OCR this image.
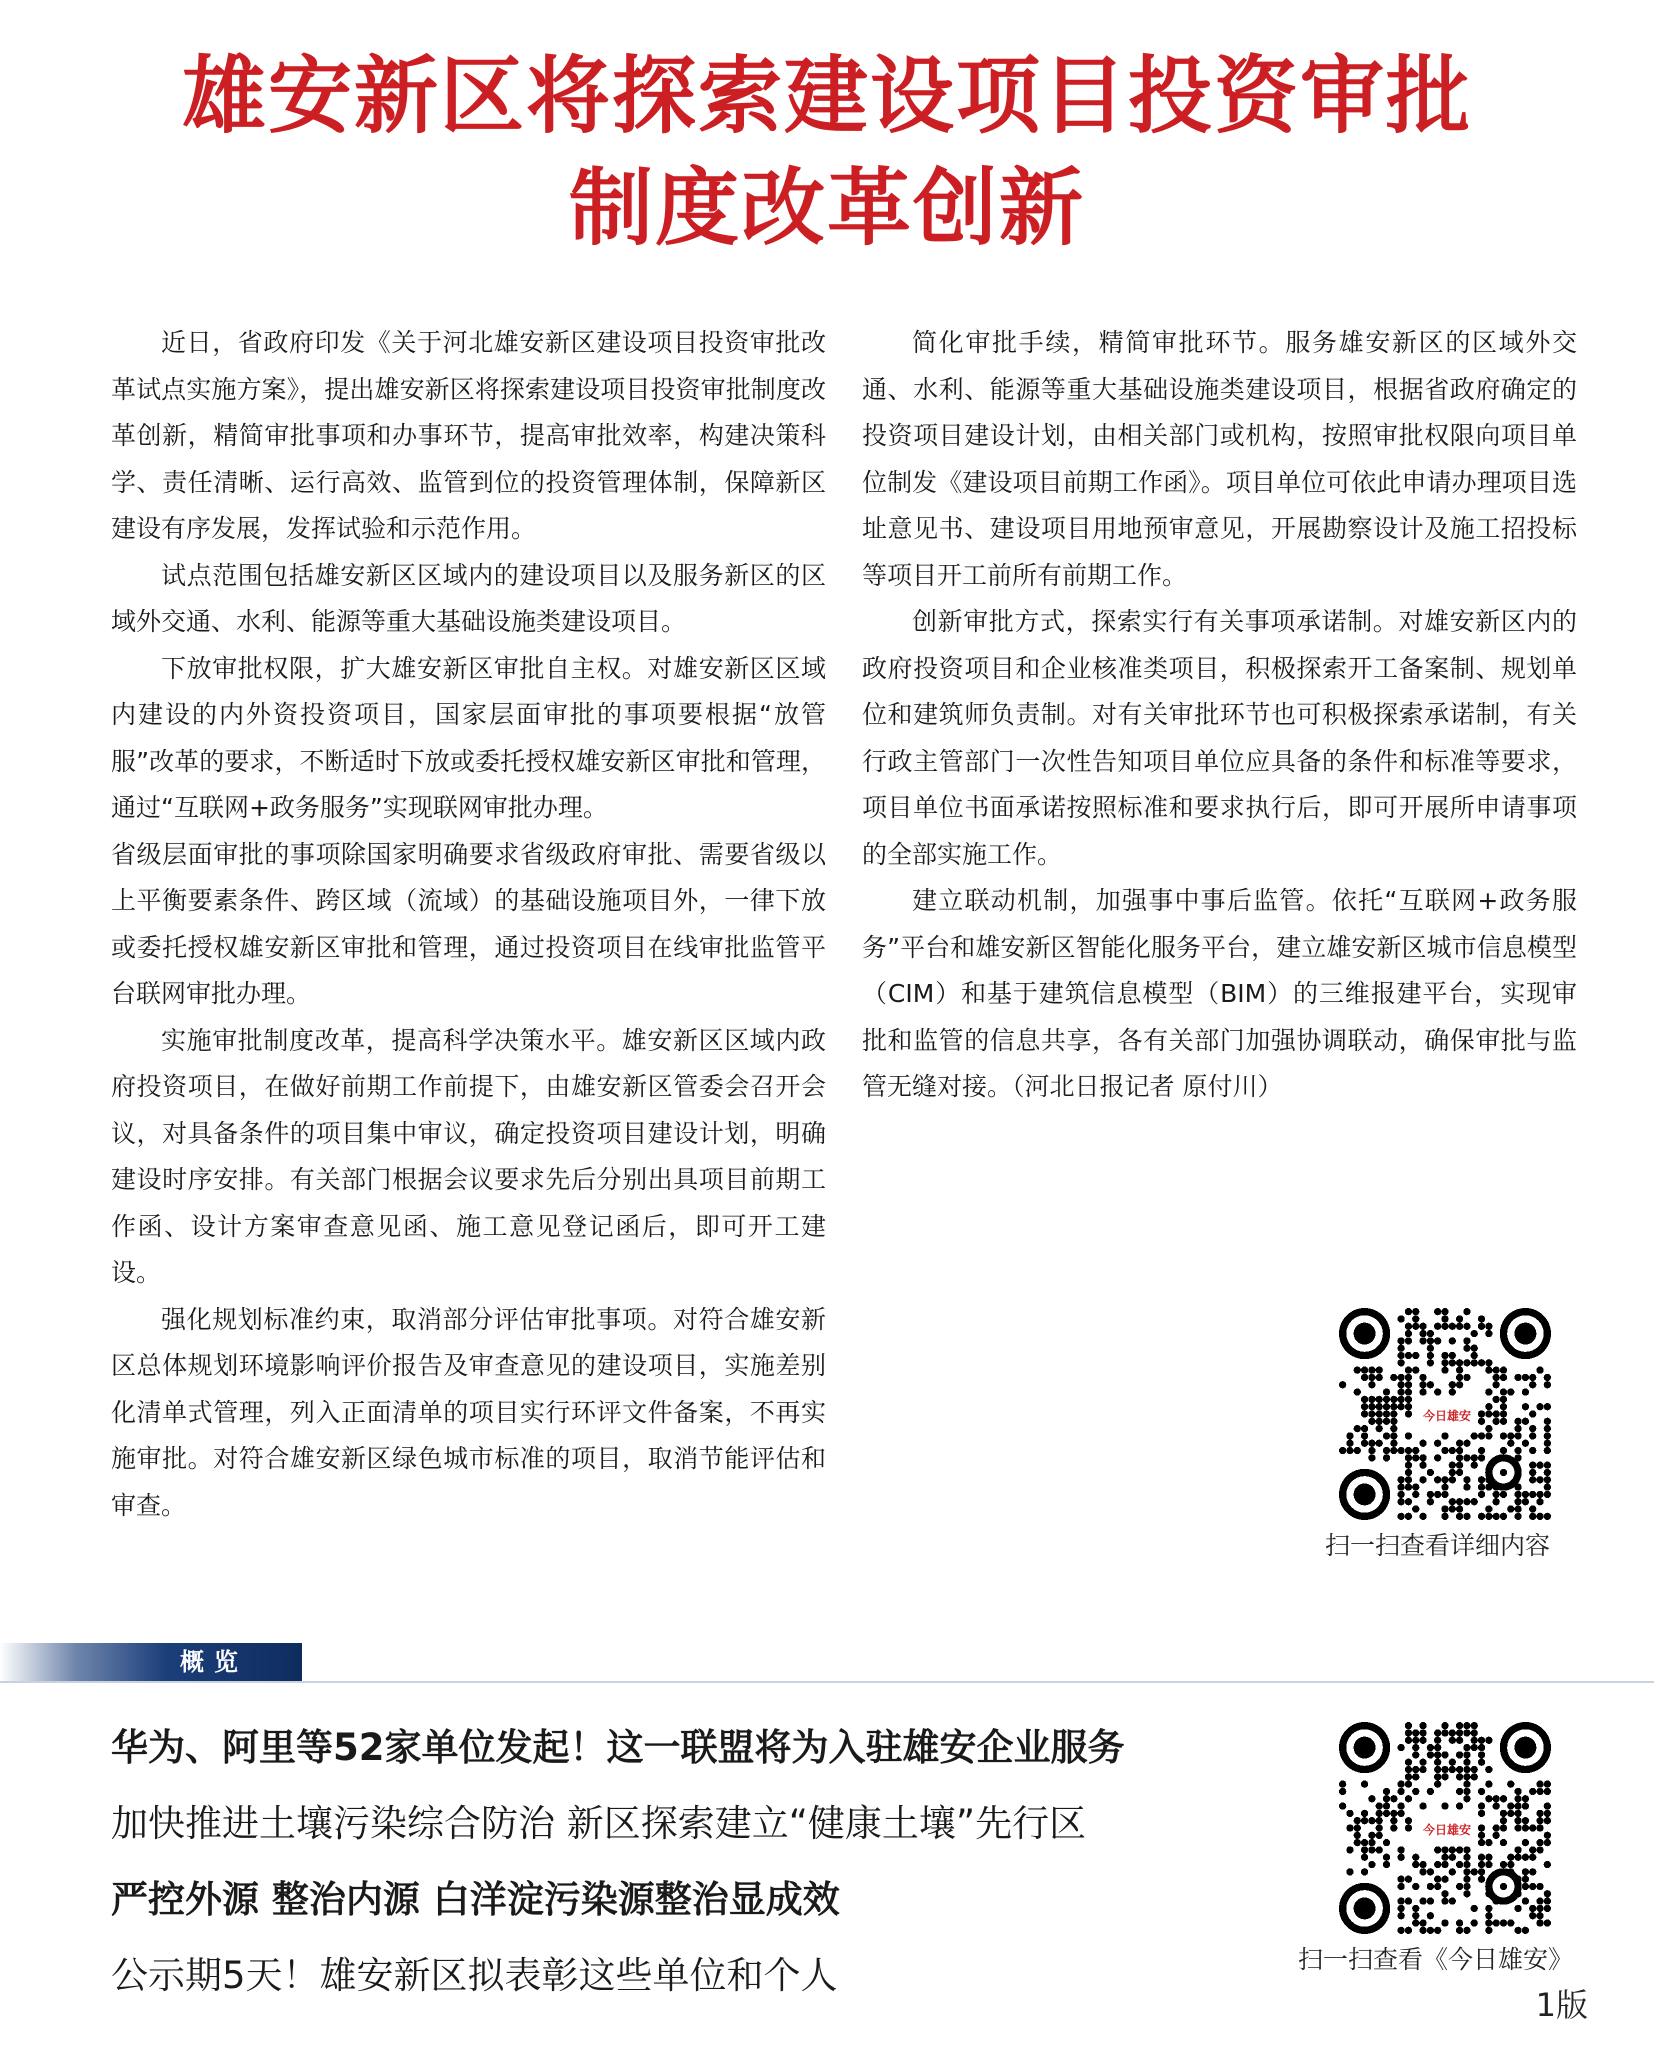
雄安新区将探索建设项目投资审批
制度改革创新

近日，省政府印发《关于河北雄安新区建设项目投资审批改革试点实施方案》，提出雄安新区将探索建设项目投资审批制度改革创新，精简审批事项和办事环节，提高审批效率，构建决策科学、责任清晰、运行高效、监管到位的投资管理体制，保障新区建设有序发展，发挥试验和示范作用。

试点范围包括雄安新区区域内的建设项目以及服务新区的区域外交通、水利、能源等重大基础设施类建设项目。

下放审批权限，扩大雄安新区审批自主权。对雄安新区区域内建设的内外资投资项目，国家层面审批的事项要根据“放管服”改革的要求，不断适时下放或委托授权雄安新区审批和管理，通过“互联网+政务服务”实现联网审批办理。

省级层面审批的事项除国家明确要求省级政府审批、需要省级以上平衡要素条件、跨区域（流域）的基础设施项目外，一律下放或委托授权雄安新区审批和管理，通过投资项目在线审批监管平台联网审批办理。

实施审批制度改革，提高科学决策水平。雄安新区区域内政府投资项目，在做好前期工作前提下，由雄安新区管委会召开会议，对具备条件的项目集中审议，确定投资项目建设计划，明确建设时序安排。有关部门根据会议要求先后分别出具项目前期工作函、设计方案审查意见函、施工意见登记函后，即可开工建设。

强化规划标准约束，取消部分评估审批事项。对符合雄安新区总体规划环境影响评价报告及审查意见的建设项目，实施差别化清单式管理，列入正面清单的项目实行环评文件备案，不再实施审批。对符合雄安新区绿色城市标准的项目，取消节能评估和审查。

简化审批手续，精简审批环节。服务雄安新区的区域外交通、水利、能源等重大基础设施类建设项目，根据省政府确定的投资项目建设计划，由相关部门或机构，按照审批权限向项目单位制发《建设项目前期工作函》。项目单位可依此申请办理项目选址意见书、建设项目用地预审意见，开展勘察设计及施工招投标等项目开工前所有前期工作。

创新审批方式，探索实行有关事项承诺制。对雄安新区内的政府投资项目和企业核准类项目，积极探索开工备案制、规划单位和建筑师负责制。对有关审批环节也可积极探索承诺制，有关行政主管部门一次性告知项目单位应具备的条件和标准等要求，项目单位书面承诺按照标准和要求执行后，即可开展所申请事项的全部实施工作。

建立联动机制，加强事中事后监管。依托“互联网+政务服务”平台和雄安新区智能化服务平台，建立雄安新区城市信息模型（CIM）和基于建筑信息模型（BIM）的三维报建平台，实现审批和监管的信息共享，各有关部门加强协调联动，确保审批与监管无缝对接。（河北日报记者 原付川）

今日雄安
扫一扫查看详细内容
概览
华为、阿里等52家单位发起！这一联盟将为入驻雄安企业服务
加快推进土壤污染综合防治 新区探索建立“健康土壤”先行区
严控外源 整治内源 白洋淀污染源整治显成效
公示期5天！雄安新区拟表彰这些单位和个人
今日雄安
扫一扫查看《今日雄安》
1版
